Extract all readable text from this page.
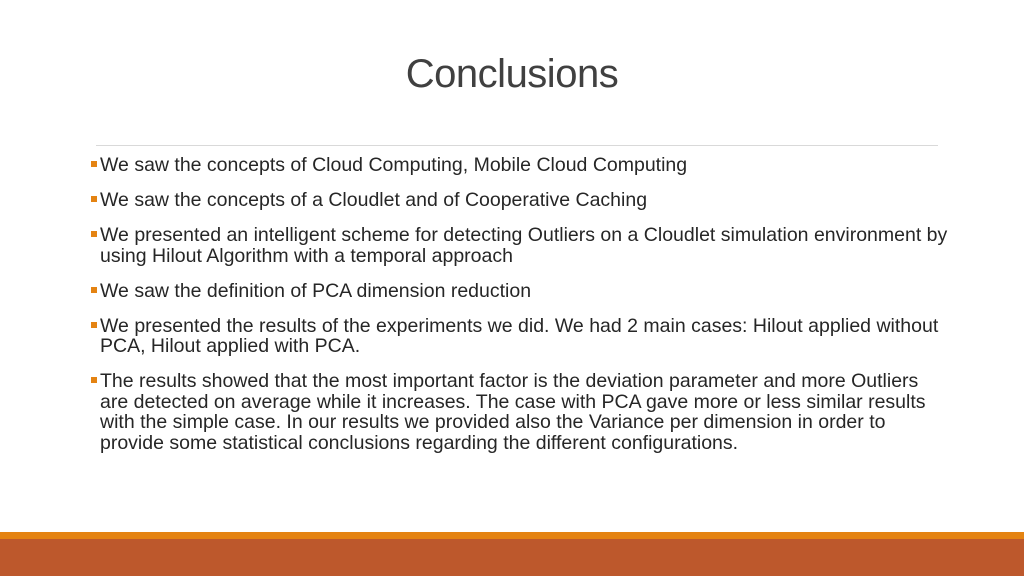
Conclusions
We saw the concepts of Cloud Computing, Mobile Cloud Computing
We saw the concepts of a Cloudlet and of Cooperative Caching
We presented an intelligent scheme for detecting Outliers on a Cloudlet simulation environment by using Hilout Algorithm with a temporal approach
We saw the definition of PCA dimension reduction
We presented the results of the experiments we did. We had 2 main cases: Hilout applied without PCA, Hilout applied with PCA.
The results showed that the most important factor is the deviation parameter and more Outliers are detected on average while it increases. The case with PCA gave more or less similar results with the simple case. In our results we provided also the Variance per dimension in order to provide some statistical conclusions regarding the different configurations.
